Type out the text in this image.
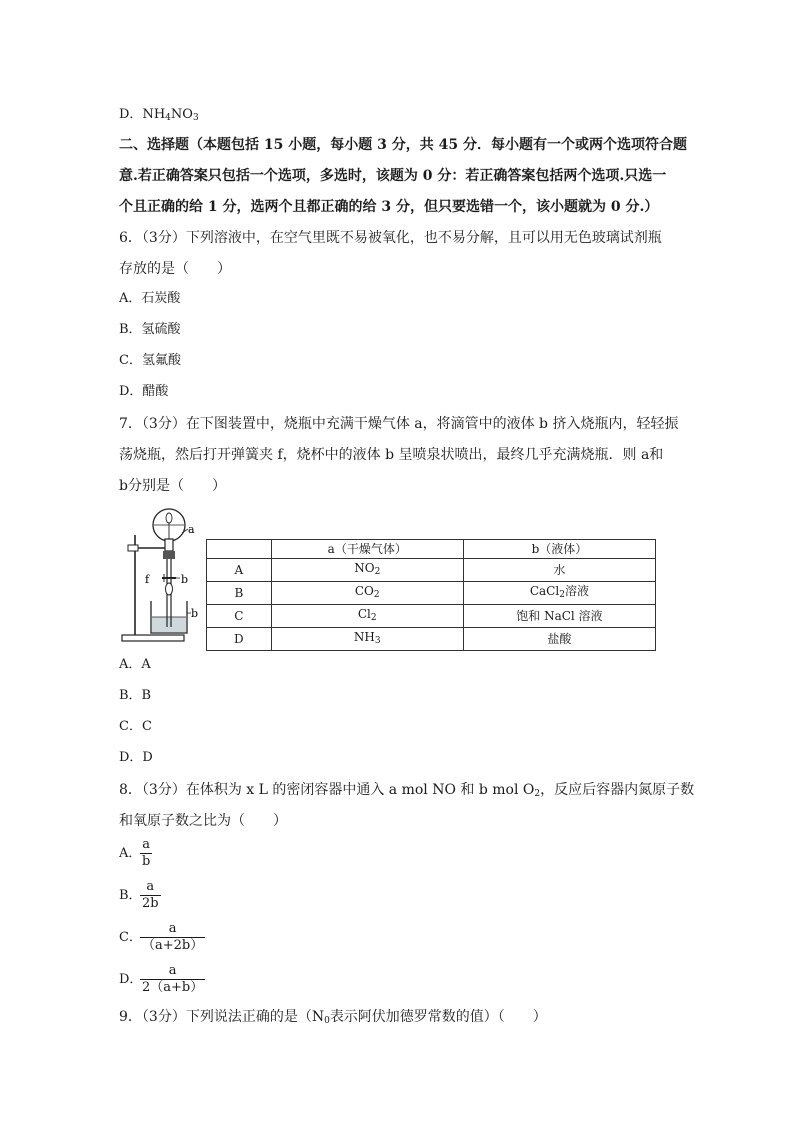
D．$NH_4NO_3$
二、选择题（本题包括 15 小题，每小题 3 分，共 45 分．每小题有一个或两个选项符合题
意.若正确答案只包括一个选项，多选时，该题为 0 分：若正确答案包括两个选项.只选一
个且正确的给 1 分，选两个且都正确的给 3 分，但只要选错一个，该小题就为 0 分.）
6．（3分）下列溶液中，在空气里既不易被氧化，也不易分解，且可以用无色玻璃试剂瓶
存放的是（　　）
A．石炭酸
B．氢硫酸
C．氢氟酸
D．醋酸
7．（3分）在下图装置中，烧瓶中充满干燥气体 a，将滴管中的液体 b 挤入烧瓶内，轻轻振
荡烧瓶，然后打开弹簧夹 f，烧杯中的液体 b 呈喷泉状喷出，最终几乎充满烧瓶．则 a和
b分别是（　　）
a
b
f
b
	a（干燥气体）	b（液体）
A	$NO_2$	水
B	$CO_2$	CaCl$_2$溶液
C	$Cl_2$	饱和 NaCl 溶液
D	$NH_3$	盐酸
A．A
B．B
C．C
D．D
8．（3分）在体积为 x L 的密闭容器中通入 a mol NO 和 b mol $O_2$，反应后容器内氮原子数
和氧原子数之比为（　　）
A．
$\frac{a}{b}$
B．
$\frac{a}{2b}$
C．
$\frac{a}{(a+2b)}$
D．
$\frac{a}{2(a+b)}$
9．（3分）下列说法正确的是（$N_0$表示阿伏加德罗常数的值）（　　）
